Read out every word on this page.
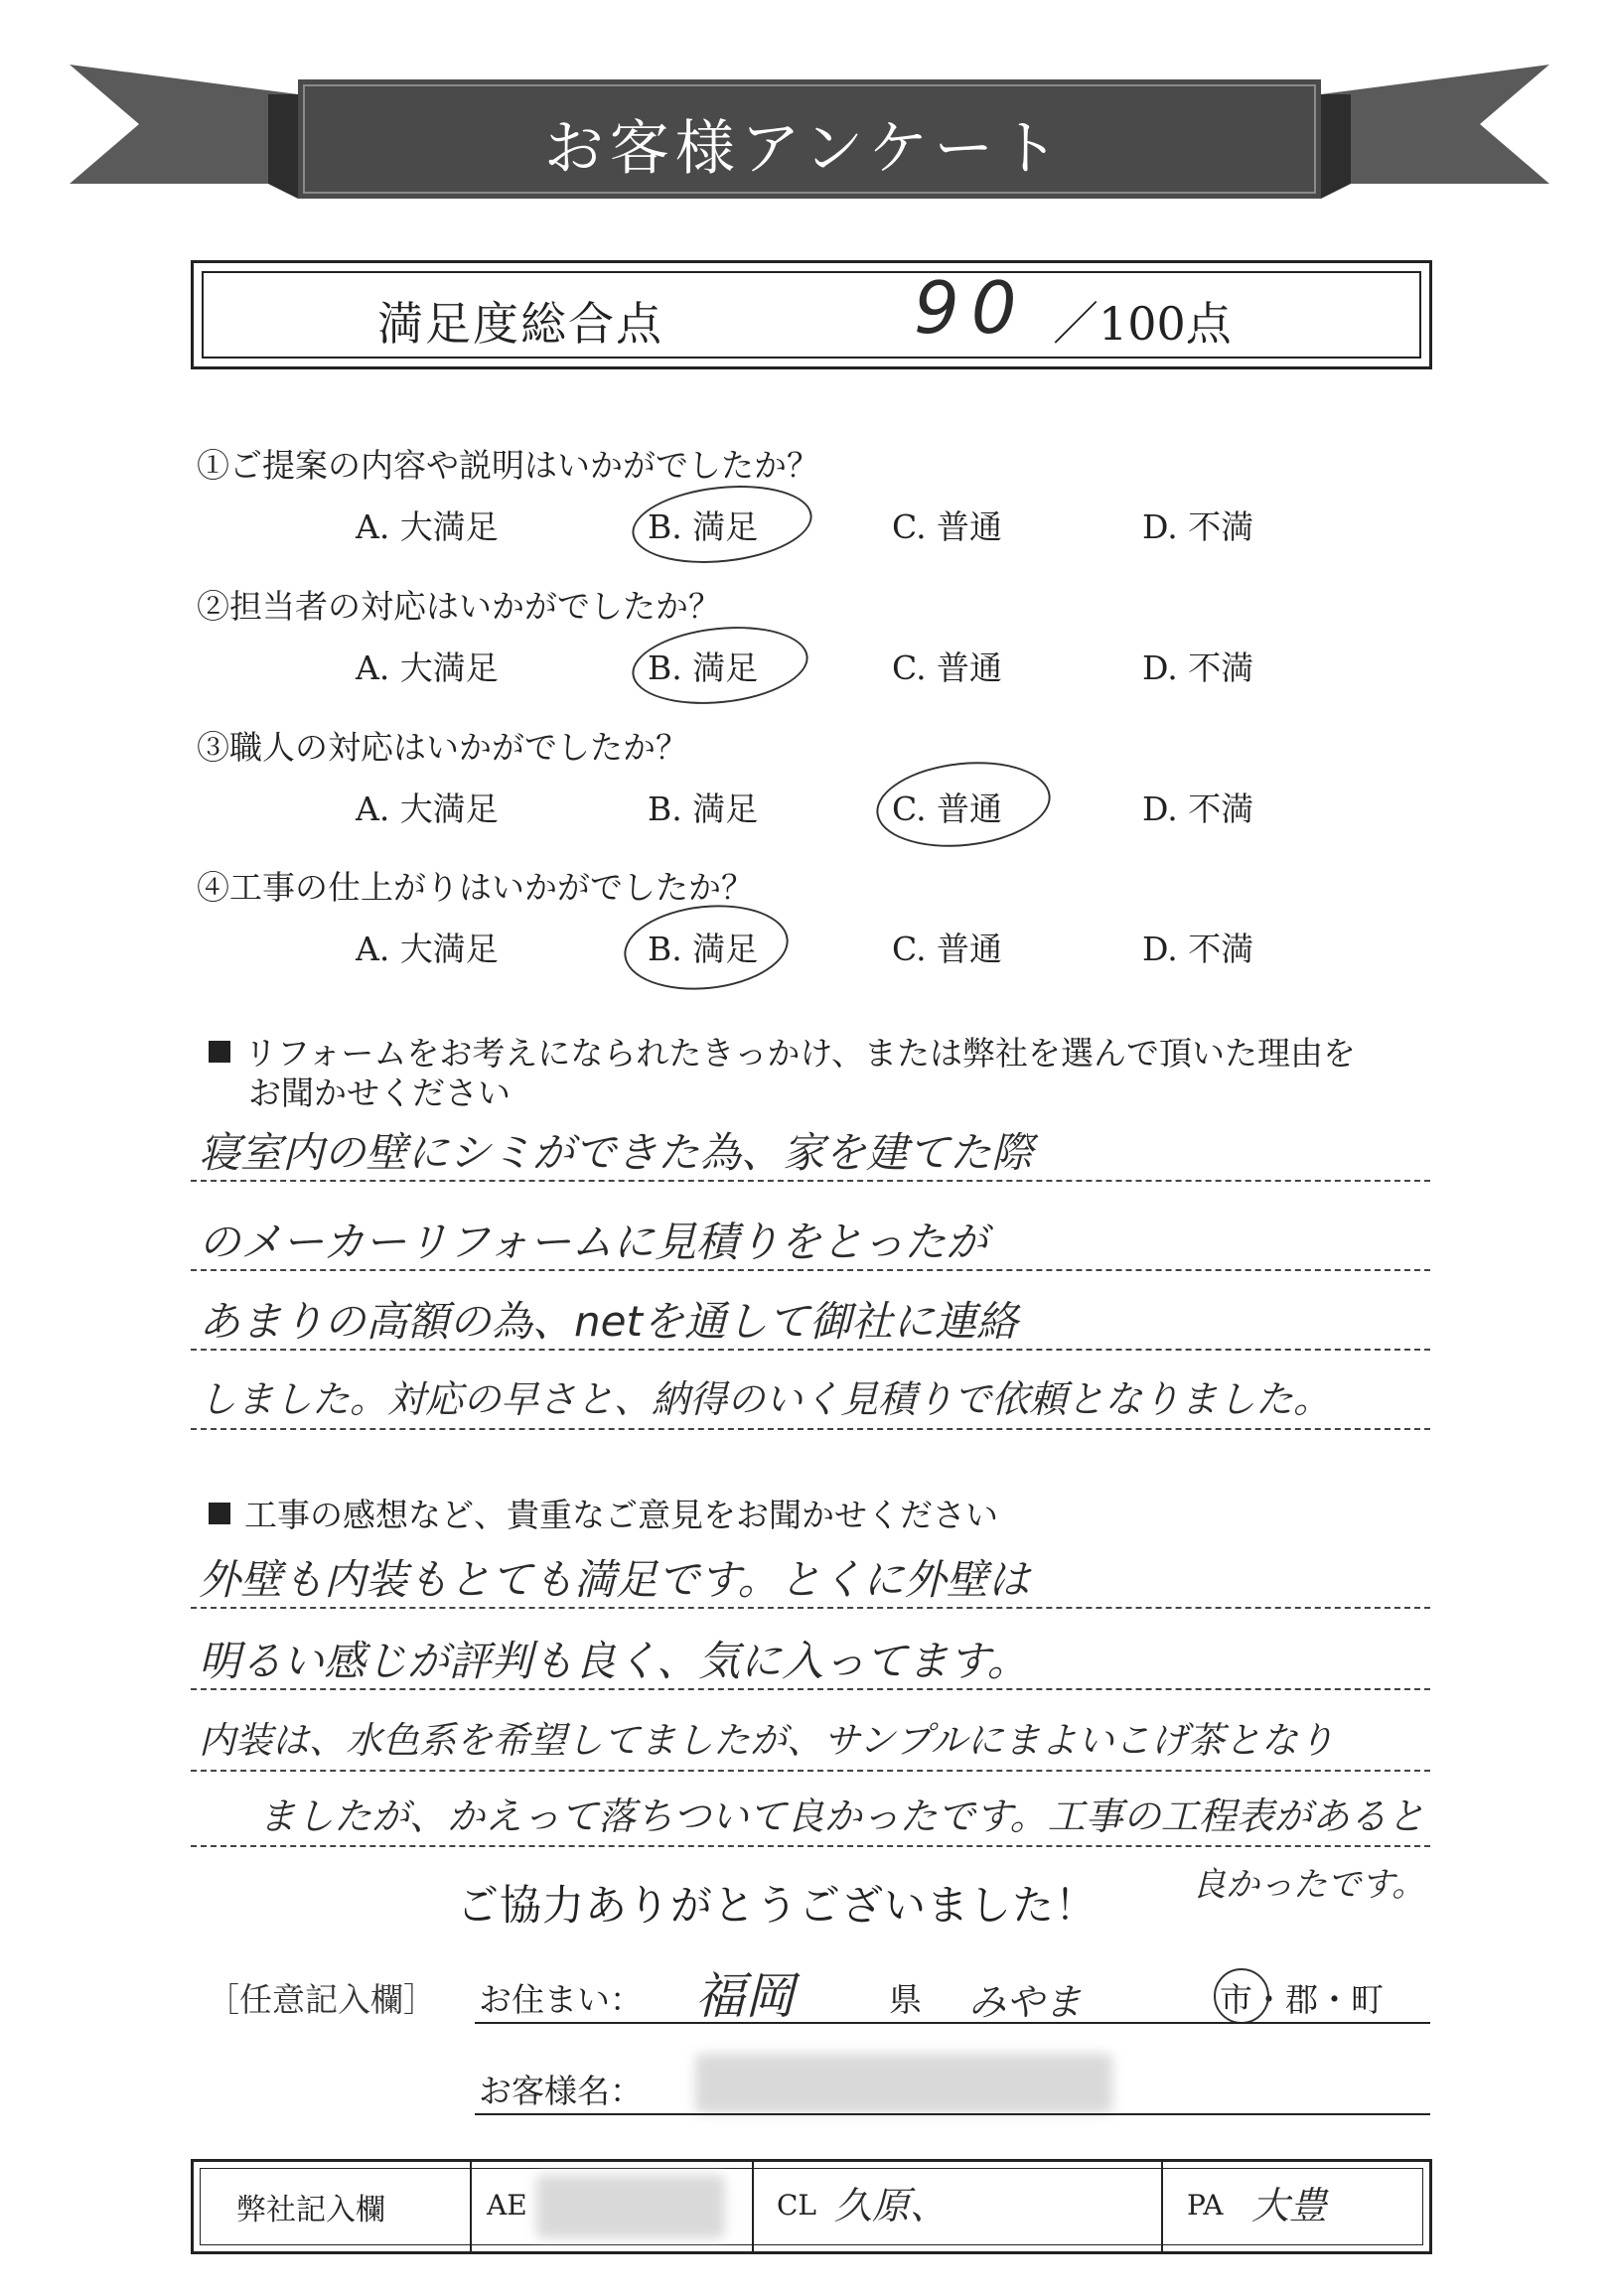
お客様アンケート
満足度総合点	90 ／100点
①ご提案の内容や説明はいかがでしたか？
A. 大満足	B. 満足	C. 普通	D. 不満
②担当者の対応はいかがでしたか？
A. 大満足	B. 満足	C. 普通	D. 不満
③職人の対応はいかがでしたか？
A. 大満足	B. 満足	C. 普通	D. 不満
④工事の仕上がりはいかがでしたか？
A. 大満足	B. 満足	C. 普通	D. 不満
リフォームをお考えになられたきっかけ、または弊社を選んで頂いた理由を
お聞かせください
寝室内の壁にシミができた為、家を建てた際
のメーカーリフォームに見積りをとったが
あまりの高額の為、netを通して御社に連絡
しました。対応の早さと、納得のいく見積りで依頼となりました。
工事の感想など、貴重なご意見をお聞かせください
外壁も内装もとても満足です。とくに外壁は
明るい感じが評判も良く、気に入ってます。
内装は、水色系を希望してましたが、サンプルにまよいこげ茶となり
ましたが、かえって落ちついて良かったです。工事の工程表があると
良かったです。
ご協力ありがとうございました！
［任意記入欄］ お住まい： 福岡	県 みやま	市・郡・町
お客様名：
弊社記入欄	AE	CL 久原、	PA 大豊
